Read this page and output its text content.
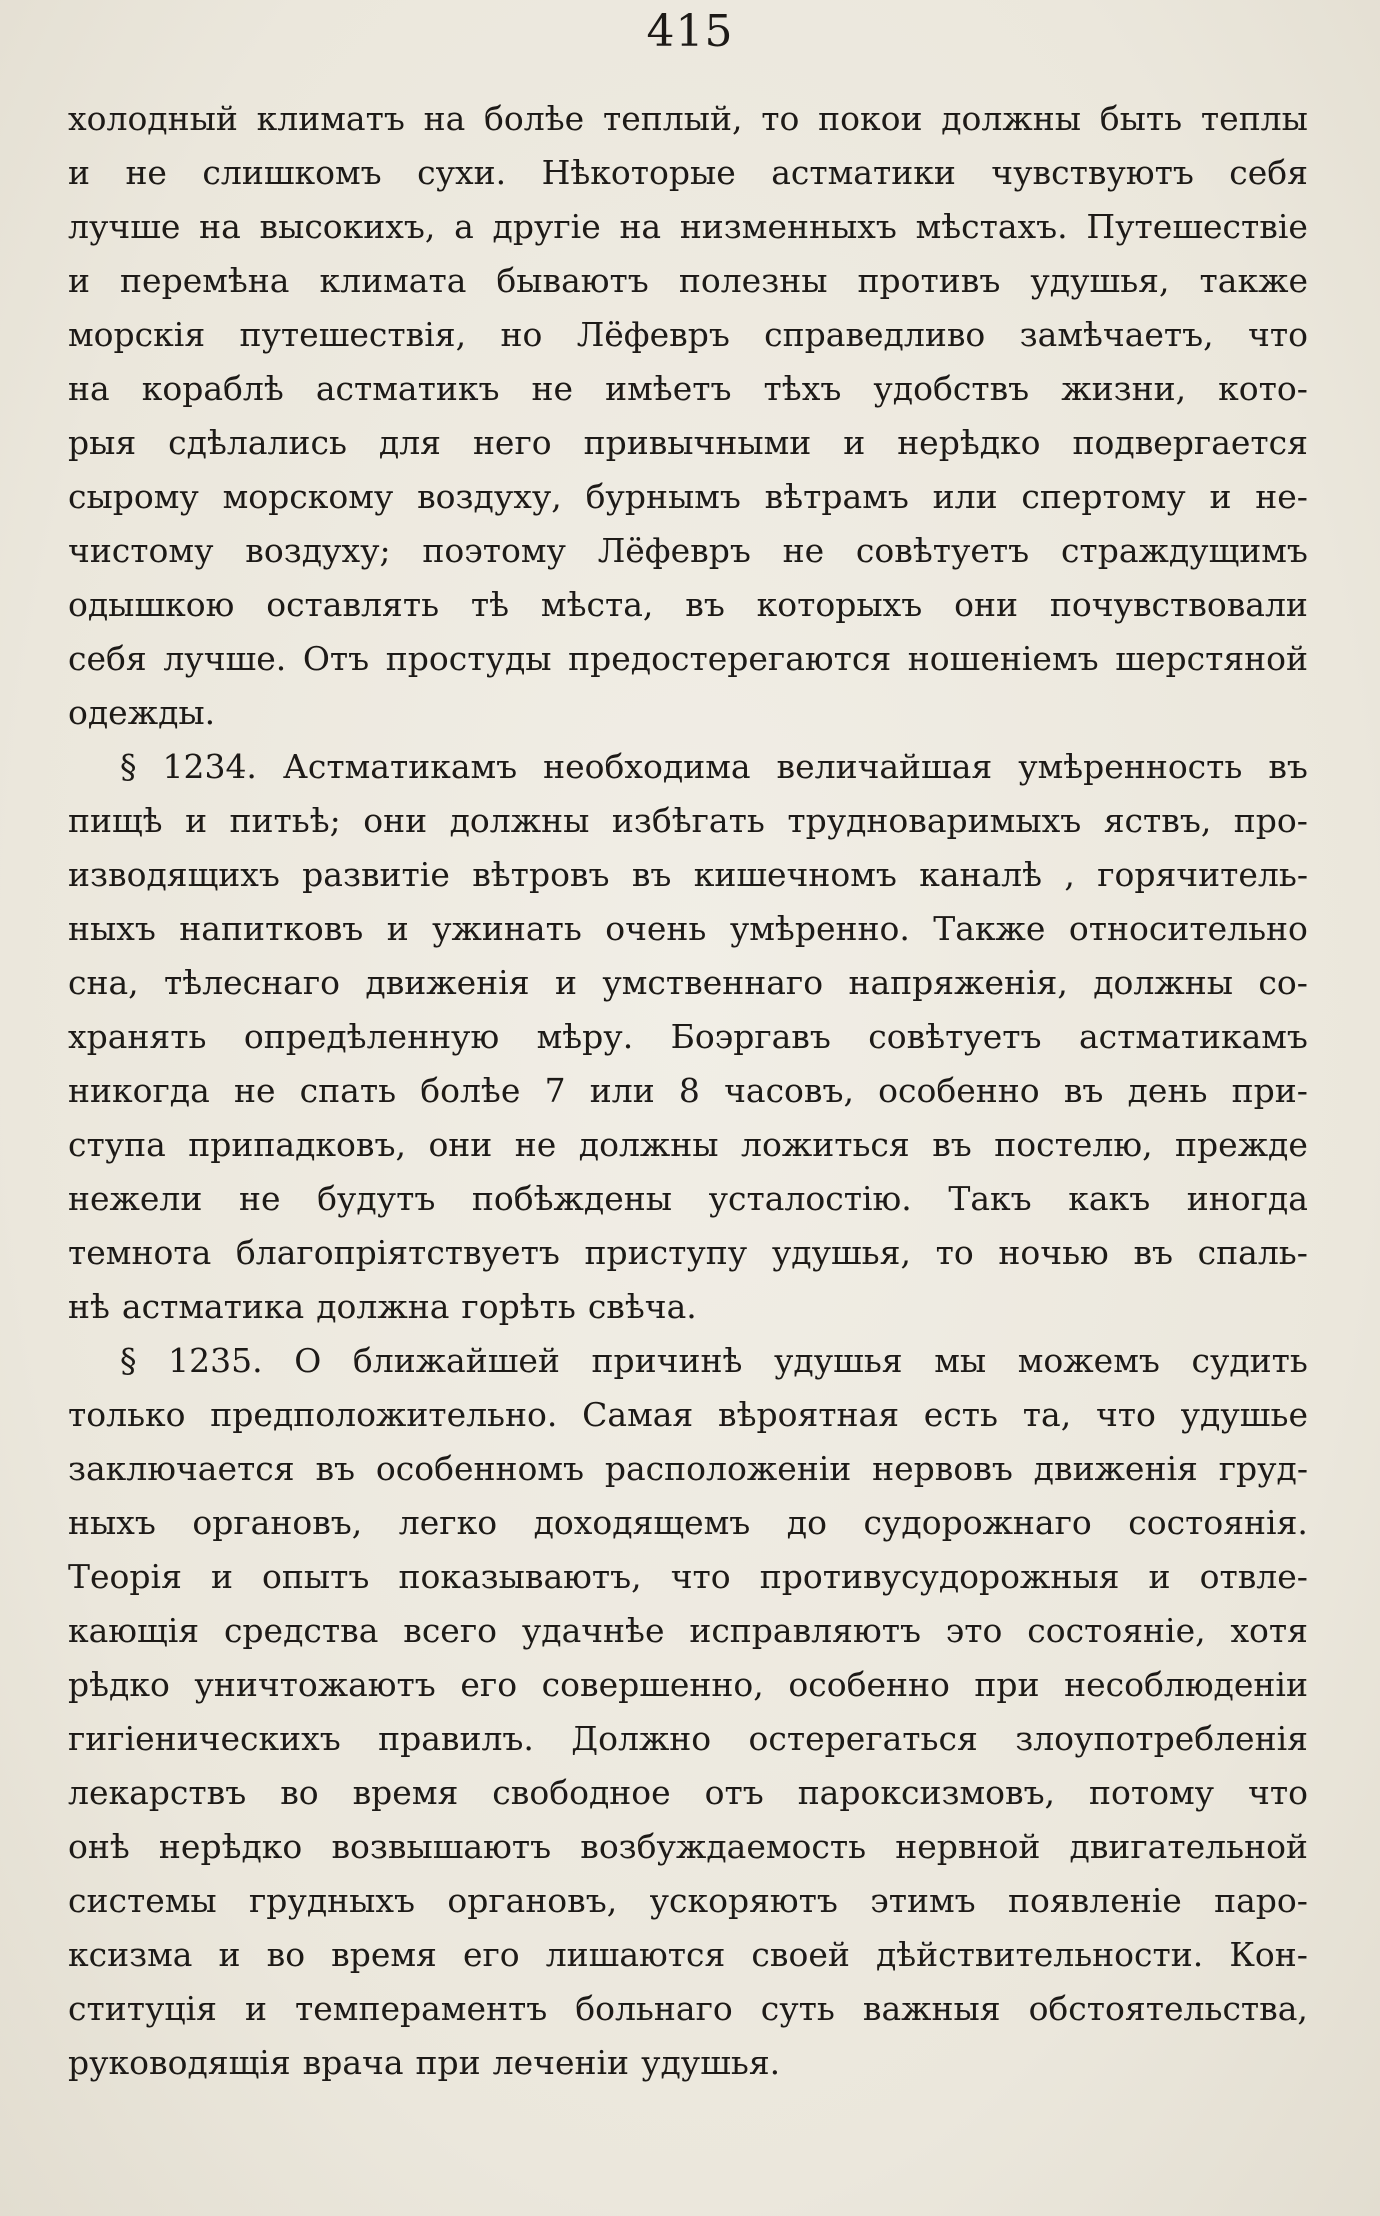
415
холодный климатъ на болѣе теплый, то покои должны быть теплы
и не слишкомъ сухи. Нѣкоторые астматики чувствуютъ себя
лучше на высокихъ, а другіе на низменныхъ мѣстахъ. Путешествіе
и перемѣна климата бываютъ полезны противъ удушья, также
морскія путешествія, но Лёфевръ справедливо замѣчаетъ, что
на кораблѣ астматикъ не имѣетъ тѣхъ удобствъ жизни, кото-
рыя сдѣлались для него привычными и нерѣдко подвергается
сырому морскому воздуху, бурнымъ вѣтрамъ или спертому и не-
чистому воздуху; поэтому Лёфевръ не совѣтуетъ страждущимъ
одышкою оставлять тѣ мѣста, въ которыхъ они почувствовали
себя лучше. Отъ простуды предостерегаются ношеніемъ шерстяной
одежды.
§ 1234. Астматикамъ необходима величайшая умѣренность въ
пищѣ и питьѣ; они должны избѣгать трудноваримыхъ яствъ, про-
изводящихъ развитіе вѣтровъ въ кишечномъ каналѣ , горячитель-
ныхъ напитковъ и ужинать очень умѣренно. Также относительно
сна, тѣлеснаго движенія и умственнаго напряженія, должны со-
хранять опредѣленную мѣру. Боэргавъ совѣтуетъ астматикамъ
никогда не спать болѣе 7 или 8 часовъ, особенно въ день при-
ступа припадковъ, они не должны ложиться въ постелю, прежде
нежели не будутъ побѣждены усталостію. Такъ какъ иногда
темнота благопріятствуетъ приступу удушья, то ночью въ спаль-
нѣ астматика должна горѣть свѣча.
§ 1235. О ближайшей причинѣ удушья мы можемъ судить
только предположительно. Самая вѣроятная есть та, что удушье
заключается въ особенномъ расположеніи нервовъ движенія груд-
ныхъ органовъ, легко доходящемъ до судорожнаго состоянія.
Теорія и опытъ показываютъ, что противусудорожныя и отвле-
кающія средства всего удачнѣе исправляютъ это состояніе, хотя
рѣдко уничтожаютъ его совершенно, особенно при несоблюденіи
гигіеническихъ правилъ. Должно остерегаться злоупотребленія
лекарствъ во время свободное отъ пароксизмовъ, потому что
онѣ нерѣдко возвышаютъ возбуждаемость нервной двигательной
системы грудныхъ органовъ, ускоряютъ этимъ появленіе паро-
ксизма и во время его лишаются своей дѣйствительности. Кон-
ституція и темпераментъ больнаго суть важныя обстоятельства,
руководящія врача при леченіи удушья.
